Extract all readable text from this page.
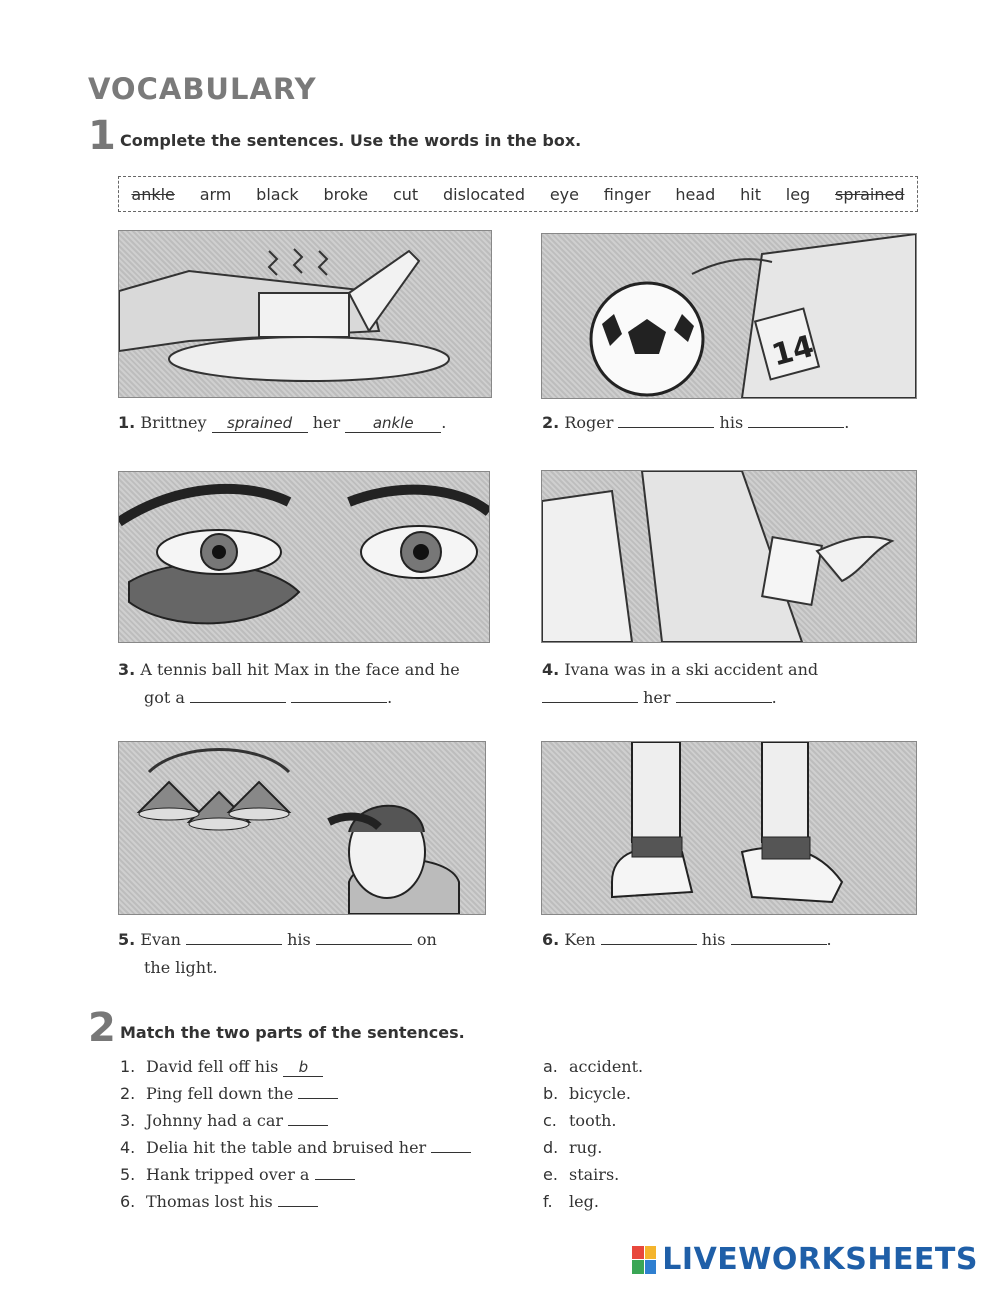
VOCABULARY
1 Complete the sentences. Use the words in the box.
ankle arm black broke cut dislocated eye finger head hit leg sprained
14
1. Brittney sprained her ankle .	2. Roger	his	.
3. A tennis ball hit Max in the face and he
got a	.
4. Ivana was in a ski accident and
her	.
5. Evan	his	on
the light.
6. Ken	his	.
2 Match the two parts of the sentences.
1. David fell off his b
2. Ping fell down the
3. Johnny had a car
4. Delia hit the table and bruised her
5. Hank tripped over a
6. Thomas lost his
a. accident.
b. bicycle.
c. tooth.
d. rug.
e. stairs.
f. leg.
LIVEWORKSHEETS
